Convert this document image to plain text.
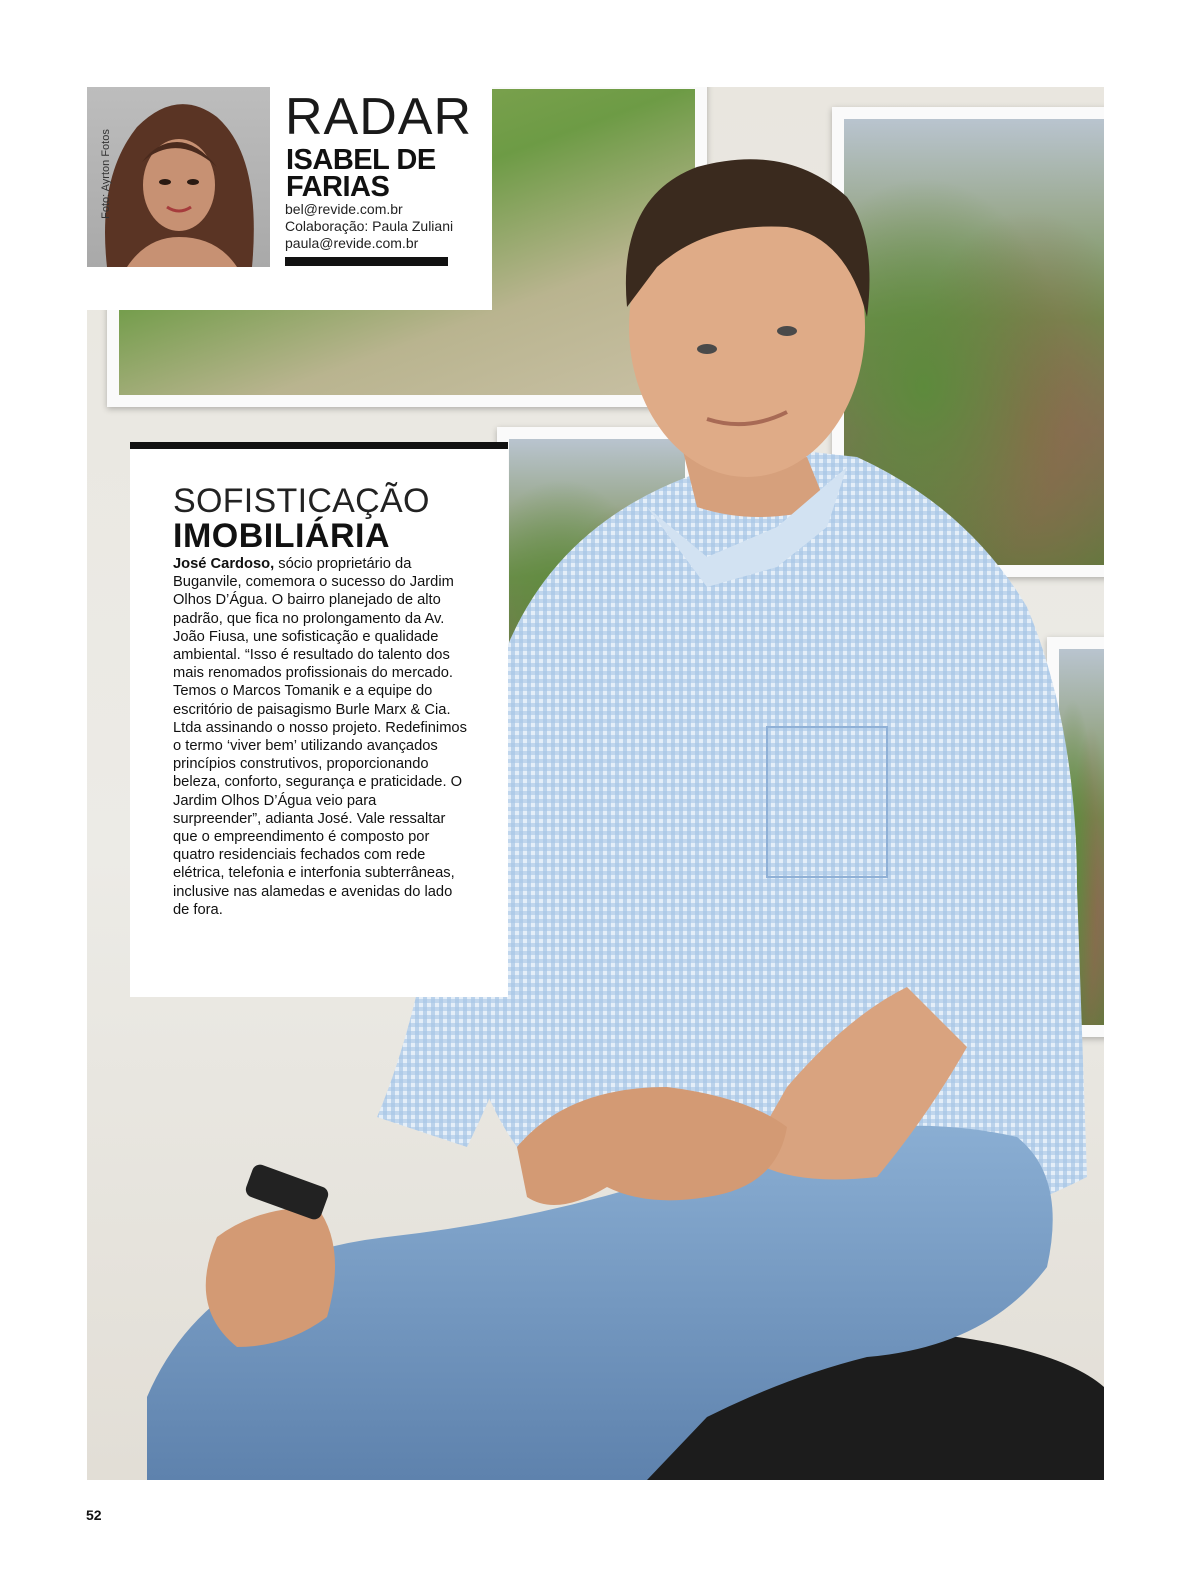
Foto: Ayrton Fotos
RADAR
ISABEL DE FARIAS
bel@revide.com.br
Colaboração: Paula Zuliani
paula@revide.com.br
SOFISTICAÇÃO
IMOBILIÁRIA
José Cardoso, sócio proprietário da Buganvile, comemora o sucesso do Jardim Olhos D’Água. O bairro planejado de alto padrão, que fica no prolongamento da Av. João Fiusa, une sofisticação e qualidade ambiental. “Isso é resultado do talento dos mais renomados profissionais do mercado. Temos o Marcos Tomanik e a equipe do escritório de paisagismo Burle Marx & Cia. Ltda assinando o nosso projeto. Redefinimos o termo ‘viver bem’ utilizando avançados princípios construtivos, proporcionando beleza, conforto, segurança e praticidade. O Jardim Olhos D’Água veio para surpreender”, adianta José. Vale ressaltar que o empreendimento é composto por quatro residenciais fechados com rede elétrica, telefonia e interfonia subterrâneas, inclusive nas alamedas e avenidas do lado de fora.
52
